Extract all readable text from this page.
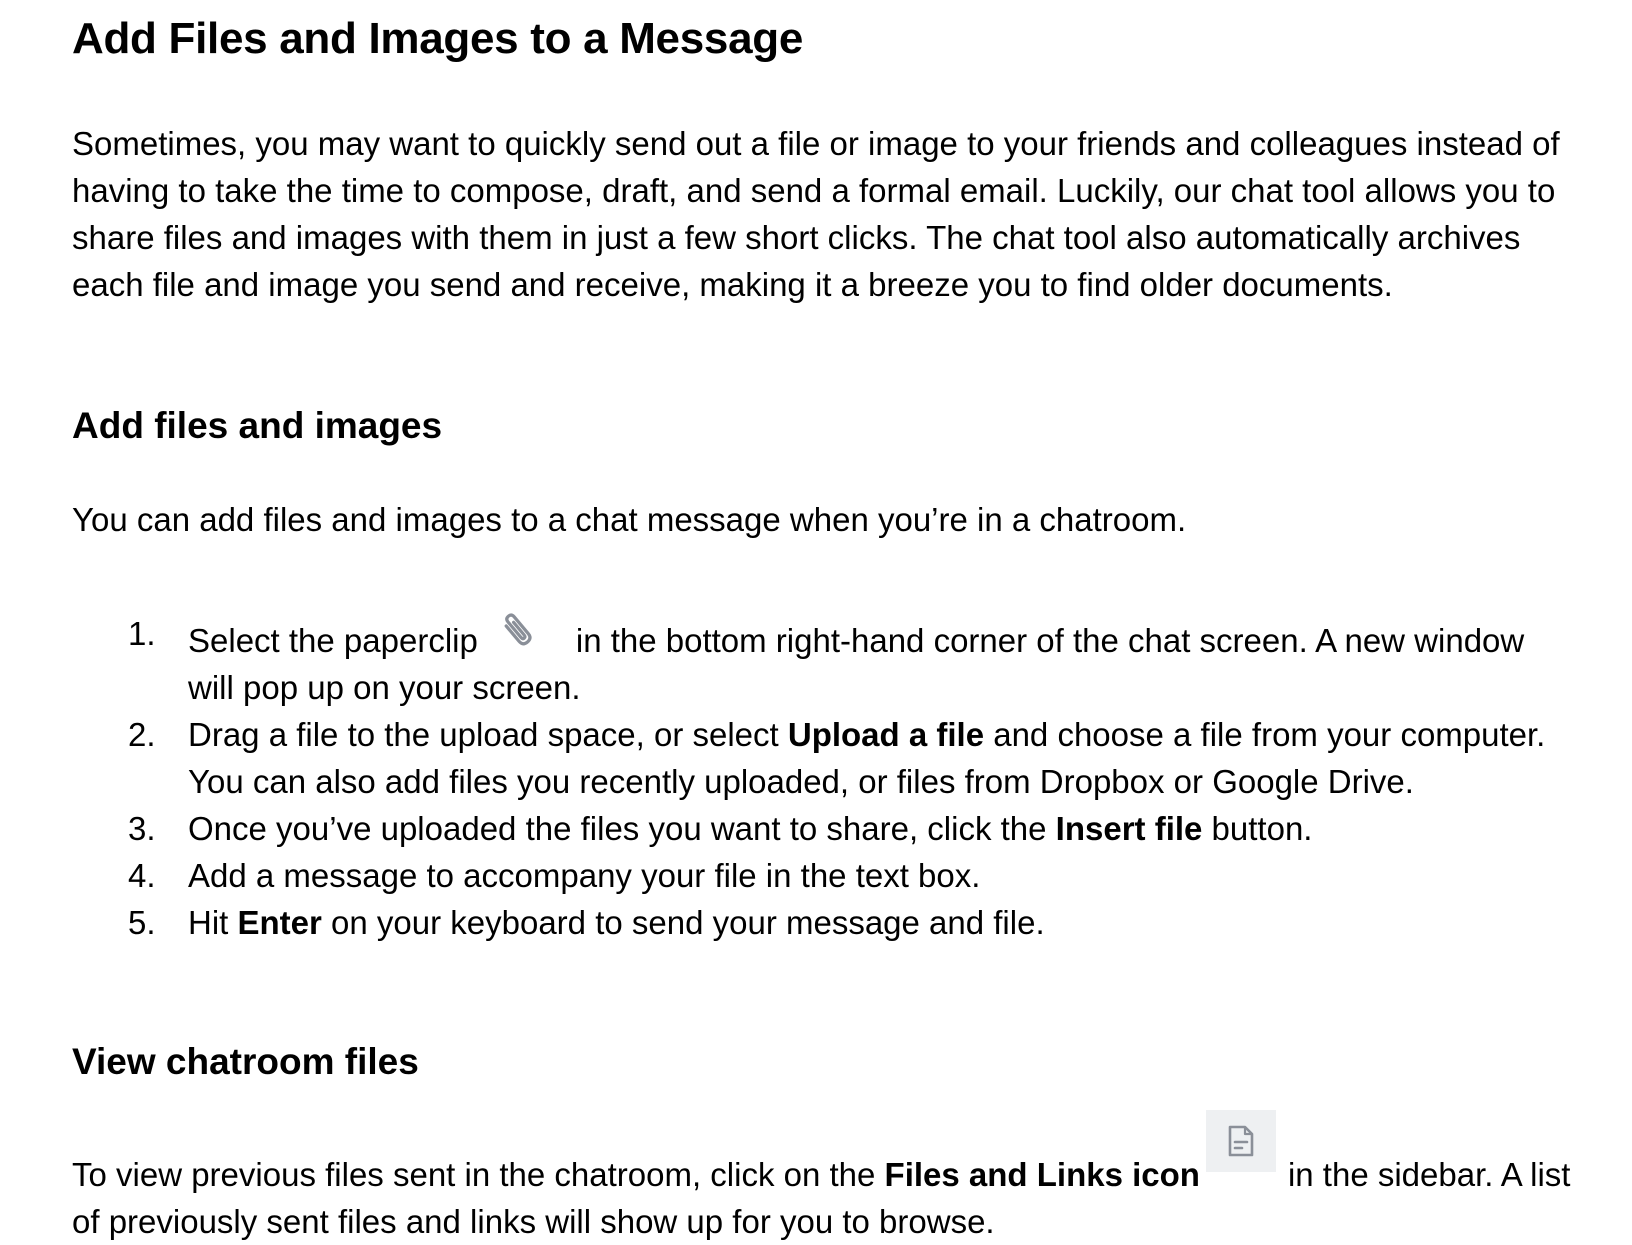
Add Files and Images to a Message

Sometimes, you may want to quickly send out a file or image to your friends and colleagues instead of having to take the time to compose, draft, and send a formal email. Luckily, our chat tool allows you to share files and images with them in just a few short clicks. The chat tool also automatically archives each file and image you send and receive, making it a breeze you to find older documents.

Add files and images

You can add files and images to a chat message when you’re in a chatroom.

1. Select the paperclip	in the bottom right-hand corner of the chat screen. A new window will pop up on your screen.
2. Drag a file to the upload space, or select Upload a file and choose a file from your computer. You can also add files you recently uploaded, or files from Dropbox or Google Drive.
3. Once you’ve uploaded the files you want to share, click the Insert file button.
4. Add a message to accompany your file in the text box.
5. Hit Enter on your keyboard to send your message and file.
View chatroom files

To view previous files sent in the chatroom, click on the Files and Links icon	in the sidebar. A list of previously sent files and links will show up for you to browse.
